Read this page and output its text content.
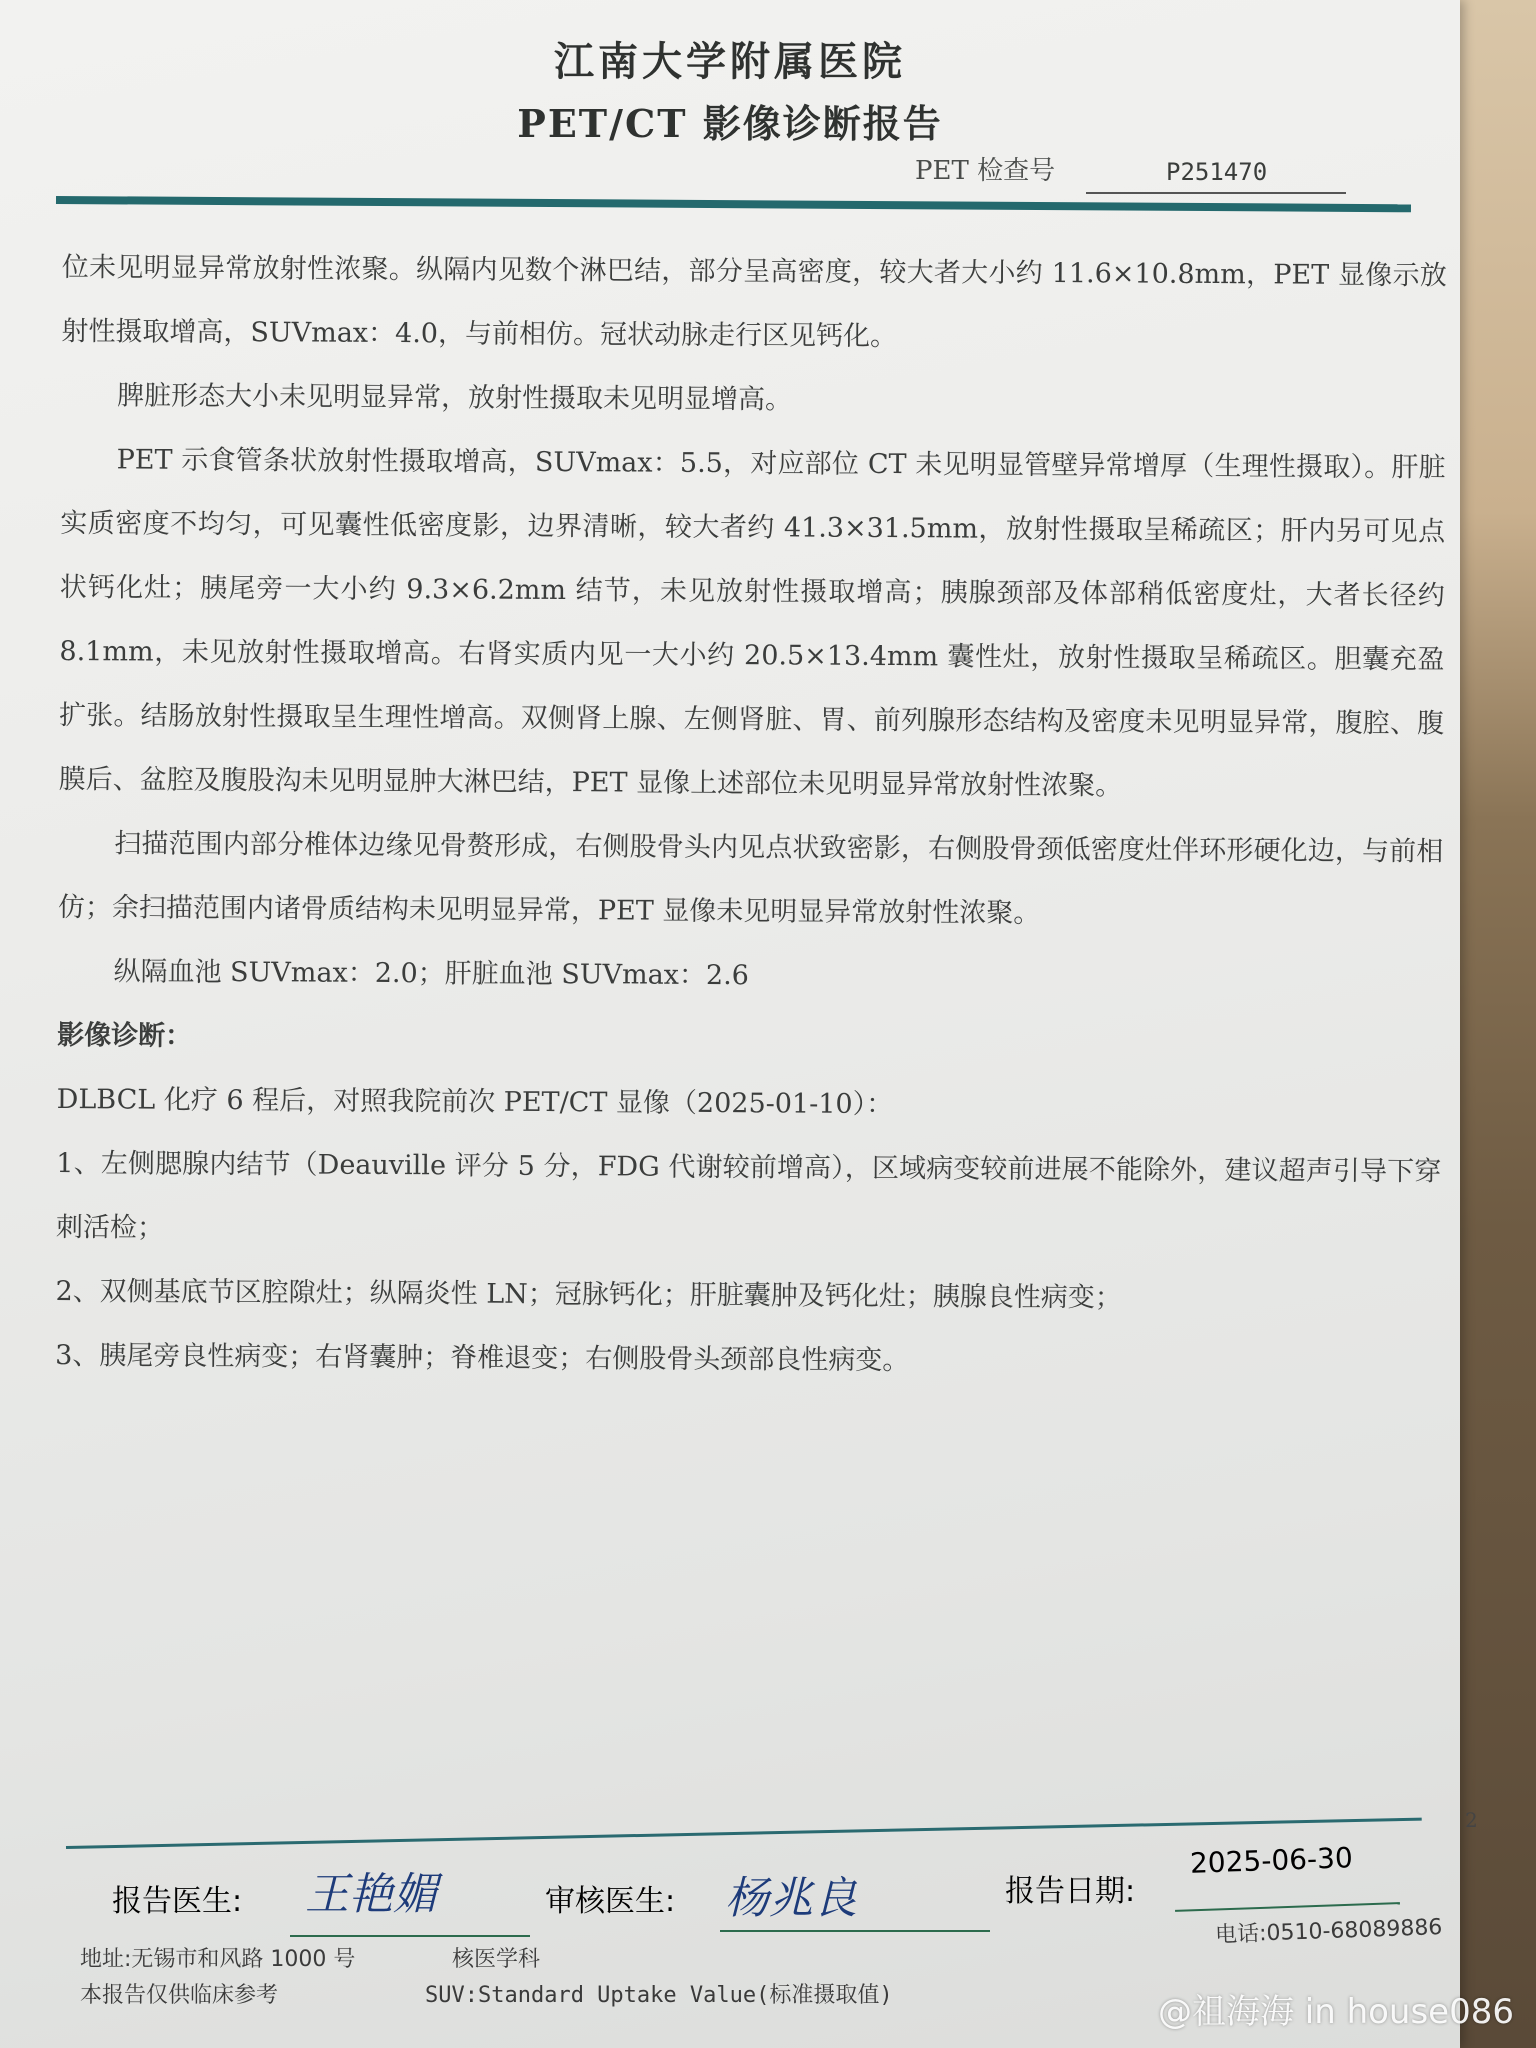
江南大学附属医院
PET/CT 影像诊断报告
PET 检查号	P251470

位未见明显异常放射性浓聚。纵隔内见数个淋巴结，部分呈高密度，较大者大小约 11.6×10.8mm，PET 显像示放射性摄取增高，SUVmax：4.0，与前相仿。冠状动脉走行区见钙化。

脾脏形态大小未见明显异常，放射性摄取未见明显增高。

PET 示食管条状放射性摄取增高，SUVmax：5.5，对应部位 CT 未见明显管壁异常增厚（生理性摄取）。肝脏实质密度不均匀，可见囊性低密度影，边界清晰，较大者约 41.3×31.5mm，放射性摄取呈稀疏区；肝内另可见点状钙化灶；胰尾旁一大小约 9.3×6.2mm 结节，未见放射性摄取增高；胰腺颈部及体部稍低密度灶，大者长径约 8.1mm，未见放射性摄取增高。右肾实质内见一大小约 20.5×13.4mm 囊性灶，放射性摄取呈稀疏区。胆囊充盈扩张。结肠放射性摄取呈生理性增高。双侧肾上腺、左侧肾脏、胃、前列腺形态结构及密度未见明显异常，腹腔、腹膜后、盆腔及腹股沟未见明显肿大淋巴结，PET 显像上述部位未见明显异常放射性浓聚。

扫描范围内部分椎体边缘见骨赘形成，右侧股骨头内见点状致密影，右侧股骨颈低密度灶伴环形硬化边，与前相仿；余扫描范围内诸骨质结构未见明显异常，PET 显像未见明显异常放射性浓聚。

纵隔血池 SUVmax：2.0；肝脏血池 SUVmax：2.6

影像诊断：

DLBCL 化疗 6 程后，对照我院前次 PET/CT 显像（2025-01-10）：

1、左侧腮腺内结节（Deauville 评分 5 分，FDG 代谢较前增高），区域病变较前进展不能除外，建议超声引导下穿刺活检；

2、双侧基底节区腔隙灶；纵隔炎性 LN；冠脉钙化；肝脏囊肿及钙化灶；胰腺良性病变；

3、胰尾旁良性病变；右肾囊肿；脊椎退变；右侧股骨头颈部良性病变。

2
报告医生: 王艳媚	审核医生: 杨兆良	报告日期:
2025-06-30
电话:0510-68089886
地址:无锡市和风路 1000 号	核医学科
本报告仅供临床参考	SUV:Standard Uptake Value(标准摄取值)	@祖海海 in house086
